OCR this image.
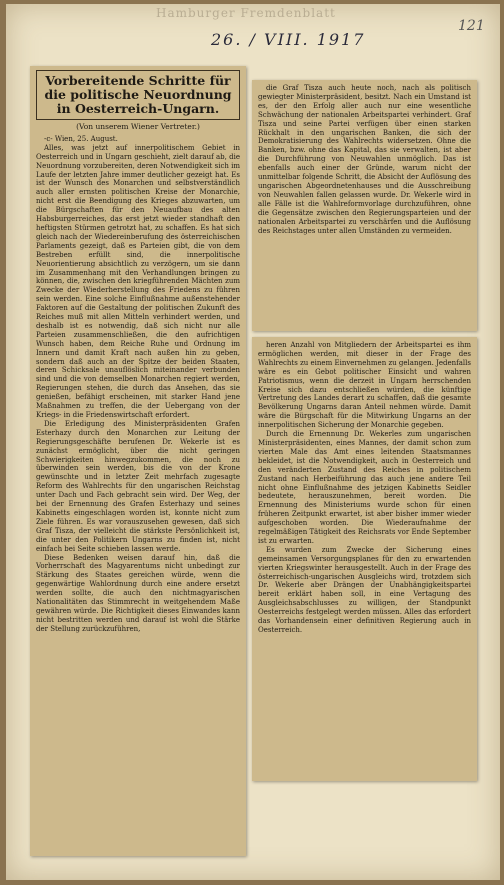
Hamburger Fremdenblatt
26. / VIII. 1917
121
Vorbereitende Schritte für die politische Neuordnung in Oesterreich-Ungarn.
(Von unserem Wiener Vertreter.)
-c- Wien, 25. August.

Alles, was jetzt auf innerpolitischem Gebiet in Oesterreich und in Ungarn geschieht, zielt darauf ab, die Neuordnung vorzubereiten, deren Notwendigkeit sich im Laufe der letzten Jahre immer deutlicher gezeigt hat. Es ist der Wunsch des Monarchen und selbstverständlich auch aller ernsten politischen Kreise der Monarchie, nicht erst die Beendigung des Krieges abzuwarten, um die Bürgschaften für den Neuaufbau des alten Habsburgerreiches, das erst jetzt wieder standhaft den heftigsten Stürmen getrotzt hat, zu schaffen. Es hat sich gleich nach der Wiedereinberufung des österreichischen Parlaments gezeigt, daß es Parteien gibt, die von dem Bestreben erfüllt sind, die innerpolitische Neuorientierung absichtlich zu verzögern, um sie dann im Zusammenhang mit den Verhandlungen bringen zu können, die, zwischen den kriegführenden Mächten zum Zwecke der Wiederherstellung des Friedens zu führen sein werden. Eine solche Einflußnahme außenstehender Faktoren auf die Gestaltung der politischen Zukunft des Reiches muß mit allen Mitteln verhindert werden, und deshalb ist es notwendig, daß sich nicht nur alle Parteien zusammenschließen, die den aufrichtigen Wunsch haben, dem Reiche Ruhe und Ordnung im Innern und damit Kraft nach außen hin zu geben, sondern daß auch an der Spitze der beiden Staaten, deren Schicksale unauflöslich miteinander verbunden sind und die von demselben Monarchen regiert werden, Regierungen stehen, die durch das Ansehen, das sie genießen, befähigt erscheinen, mit starker Hand jene Maßnahmen zu treffen, die der Uebergang von der Kriegs- in die Friedenswirtschaft erfordert.

Die Erledigung des Ministerpräsidenten Grafen Esterhazy durch den Monarchen zur Leitung der Regierungsgeschäfte berufenen Dr. Wekerle ist es zunächst ermöglicht, über die nicht geringen Schwierigkeiten hinwegzukommen, die noch zu überwinden sein werden, bis die von der Krone gewünschte und in letzter Zeit mehrfach zugesagte Reform des Wahlrechts für den ungarischen Reichstag unter Dach und Fach gebracht sein wird. Der Weg, der bei der Ernennung des Grafen Esterhazy und seines Kabinetts eingeschlagen worden ist, konnte nicht zum Ziele führen. Es war vorauszusehen gewesen, daß sich Graf Tisza, der vielleicht die stärkste Persönlichkeit ist, die unter den Politikern Ungarns zu finden ist, nicht einfach bei Seite schieben lassen werde.

Diese Bedenken weisen darauf hin, daß die Vorherrschaft des Magyarentums nicht unbedingt zur Stärkung des Staates gereichen würde, wenn die gegenwärtige Wahlordnung durch eine andere ersetzt werden sollte, die auch den nichtmagyarischen Nationalitäten das Stimmrecht in weitgehendem Maße gewähren würde. Die Richtigkeit dieses Einwandes kann nicht bestritten werden und darauf ist wohl die Stärke der Stellung zurückzuführen,

die Graf Tisza auch heute noch, nach als politisch gewiegter Ministerpräsident, besitzt. Nach ein Umstand ist es, der den Erfolg aller auch nur eine wesentliche Schwächung der nationalen Arbeitspartei verhindert. Graf Tisza und seine Partei verfügen über einen starken Rückhalt in den ungarischen Banken, die sich der Demokratisierung des Wahlrechts widersetzen. Ohne die Banken, bzw. ohne das Kapital, das sie verwalten, ist aber die Durchführung von Neuwahlen unmöglich. Das ist ebenfalls auch einer der Gründe, warum nicht der unmittelbar folgende Schritt, die Absicht der Auflösung des ungarischen Abgeordnetenhauses und die Ausschreibung von Neuwahlen fallen gelassen wurde. Dr. Wekerle wird in alle Fälle ist die Wahlreformvorlage durchzuführen, ohne die Gegensätze zwischen den Regierungsparteien und der nationalen Arbeitspartei zu verschärfen und die Auflösung des Reichstages unter allen Umständen zu vermeiden.

heren Anzahl von Mitgliedern der Arbeitspartei es ihm ermöglichen werden, mit dieser in der Frage des Wahlrechts zu einem Einvernehmen zu gelangen. Jedenfalls wäre es ein Gebot politischer Einsicht und wahren Patriotismus, wenn die derzeit in Ungarn herrschenden Kreise sich dazu entschließen würden, die künftige Vertretung des Landes derart zu schaffen, daß die gesamte Bevölkerung Ungarns daran Anteil nehmen würde. Damit wäre die Bürgschaft für die Mitwirkung Ungarns an der innerpolitischen Sicherung der Monarchie gegeben.

Durch die Ernennung Dr. Wekerles zum ungarischen Ministerpräsidenten, eines Mannes, der damit schon zum vierten Male das Amt eines leitenden Staatsmannes bekleidet, ist die Notwendigkeit, auch in Oesterreich und den veränderten Zustand des Reiches in politischem Zustand nach Herbeiführung das auch jene andere Teil nicht ohne Einflußnahme des jetzigen Kabinetts Seidler bedeutete, herauszunehmen, bereit worden. Die Ernennung des Ministeriums wurde schon für einen früheren Zeitpunkt erwartet, ist aber bisher immer wieder aufgeschoben worden. Die Wiederaufnahme der regelmäßigen Tätigkeit des Reichsrats vor Ende September ist zu erwarten.

Es wurden zum Zwecke der Sicherung eines gemeinsamen Versorgungsplanes für den zu erwartenden vierten Kriegswinter herausgestellt. Auch in der Frage des österreichisch-ungarischen Ausgleichs wird, trotzdem sich Dr. Wekerle aber Drängen der Unabhängigkeitspartei bereit erklärt haben soll, in eine Vertagung des Ausgleichsabschlusses zu willigen, der Standpunkt Oesterreichs festgelegt werden müssen. Alles das erfordert das Vorhandensein einer definitiven Regierung auch in Oesterreich.
